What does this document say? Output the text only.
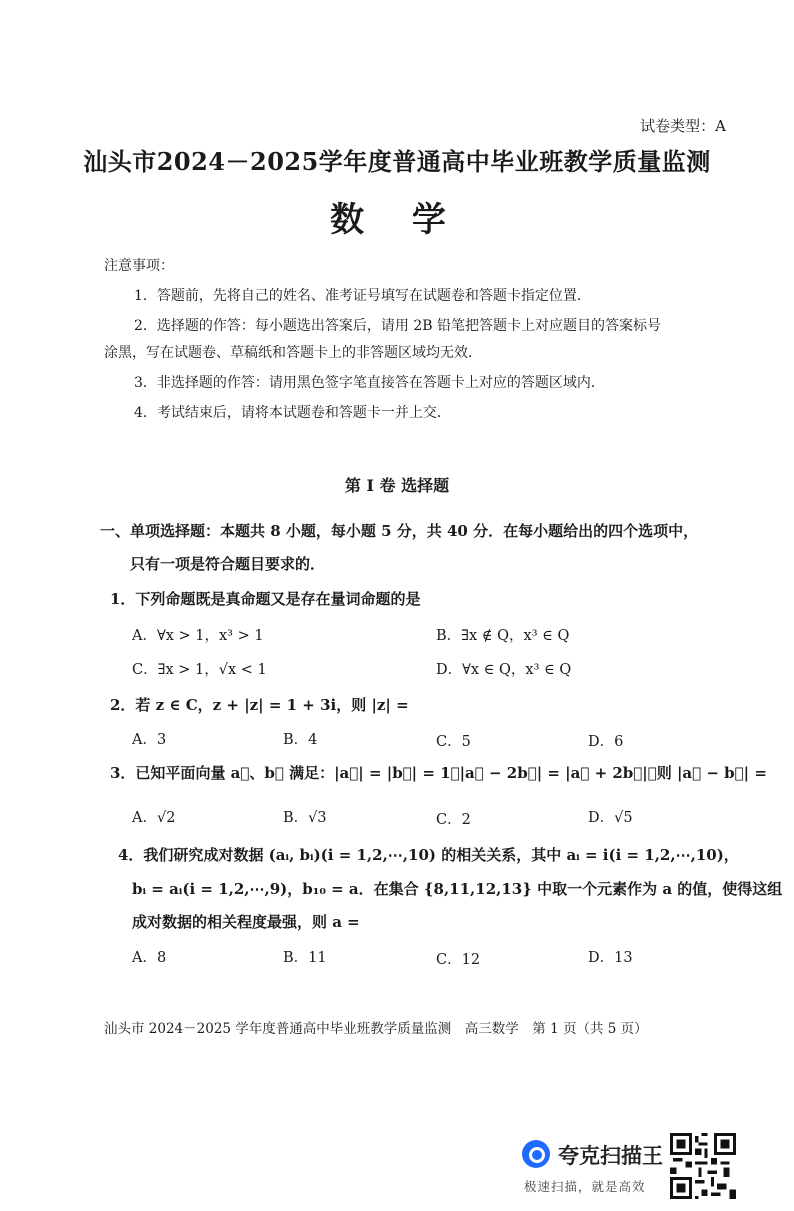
试卷类型：A
汕头市2024－2025学年度普通高中毕业班教学质量监测
数 学
注意事项：
1．答题前，先将自己的姓名、准考证号填写在试题卷和答题卡指定位置．
2．选择题的作答：每小题选出答案后，请用 2B 铅笔把答题卡上对应题目的答案标号
涂黑，写在试题卷、草稿纸和答题卡上的非答题区域均无效．
3．非选择题的作答：请用黑色签字笔直接答在答题卡上对应的答题区域内．
4．考试结束后，请将本试题卷和答题卡一并上交．
第 I 卷 选择题
一、单项选择题：本题共 8 小题，每小题 5 分，共 40 分．在每小题给出的四个选项中，
只有一项是符合题目要求的．
1．下列命题既是真命题又是存在量词命题的是
A．∀x > 1，x³ > 1	B．∃x ∉ Q，x³ ∈ Q
C．∃x > 1，√x < 1	D．∀x ∈ Q，x³ ∈ Q
2．若 z ∈ C，z + |z| = 1 + 3i，则 |z| =
A．3	B．4	C．5	D．6
3．已知平面向量 a⃗、b⃗ 满足：|a⃗| = |b⃗| = 1，|a⃗ − 2b⃗| = |a⃗ + 2b⃗|，则 |a⃗ − b⃗| =
A．√2	B．√3	C．2	D．√5
4．我们研究成对数据 (aᵢ, bᵢ)(i = 1,2,⋯,10) 的相关关系，其中 aᵢ = i(i = 1,2,⋯,10)，
bᵢ = aᵢ(i = 1,2,⋯,9)，b₁₀ = a．在集合 {8,11,12,13} 中取一个元素作为 a 的值，使得这组
成对数据的相关程度最强，则 a =
A．8	B．11	C．12	D．13
汕头市 2024－2025 学年度普通高中毕业班教学质量监测　高三数学　第 1 页（共 5 页）
夸克扫描王
极速扫描，就是高效
